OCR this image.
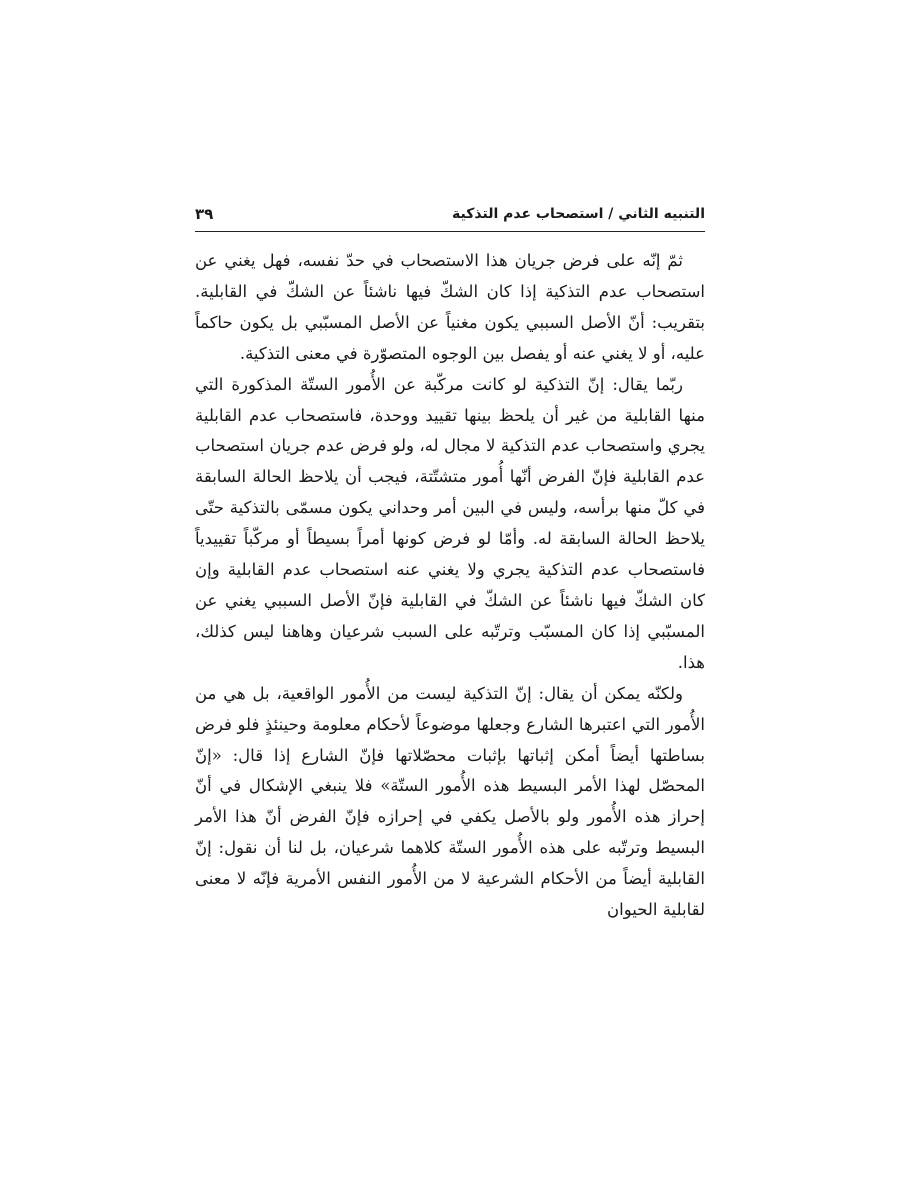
التنبيه الثاني / استصحاب عدم التذكية
٣٩

ثمّ إنّه على فرض جريان هذا الاستصحاب في حدّ نفسه، فهل يغني عن استصحاب عدم التذكية إذا كان الشكّ فيها ناشئاً عن الشكّ في القابلية. بتقريب: أنّ الأصل السببي يكون مغنياً عن الأصل المسبّبي بل يكون حاكماً عليه، أو لا يغني عنه أو يفصل بين الوجوه المتصوّرة في معنى التذكية.

ربّما يقال: إنّ التذكية لو كانت مركّبة عن الأُمور الستّة المذكورة التي منها القابلية من غير أن يلحظ بينها تقييد ووحدة، فاستصحاب عدم القابلية يجري واستصحاب عدم التذكية لا مجال له، ولو فرض عدم جريان استصحاب عدم القابلية فإنّ الفرض أنّها أُمور متشتّتة، فيجب أن يلاحظ الحالة السابقة في كلّ منها برأسه، وليس في البين أمر وحداني يكون مسمّى بالتذكية حتّى يلاحظ الحالة السابقة له. وأمّا لو فرض كونها أمراً بسيطاً أو مركّباً تقييدياً فاستصحاب عدم التذكية يجري ولا يغني عنه استصحاب عدم القابلية وإن كان الشكّ فيها ناشئاً عن الشكّ في القابلية فإنّ الأصل السببي يغني عن المسبّبي إذا كان المسبّب وترتّبه على السبب شرعيان وهاهنا ليس كذلك، هذا.

ولكنّه يمكن أن يقال: إنّ التذكية ليست من الأُمور الواقعية، بل هي من الأُمور التي اعتبرها الشارع وجعلها موضوعاً لأحكام معلومة وحينئذٍ فلو فرض بساطتها أيضاً أمكن إثباتها بإثبات محصّلاتها فإنّ الشارع إذا قال: «إنّ المحصّل لهذا الأمر البسيط هذه الأُمور الستّة» فلا ينبغي الإشكال في أنّ إحراز هذه الأُمور ولو بالأصل يكفي في إحرازه فإنّ الفرض أنّ هذا الأمر البسيط وترتّبه على هذه الأُمور الستّة كلاهما شرعيان، بل لنا أن نقول: إنّ القابلية أيضاً من الأحكام الشرعية لا من الأُمور النفس الأمرية فإنّه لا معنى لقابلية الحيوان
